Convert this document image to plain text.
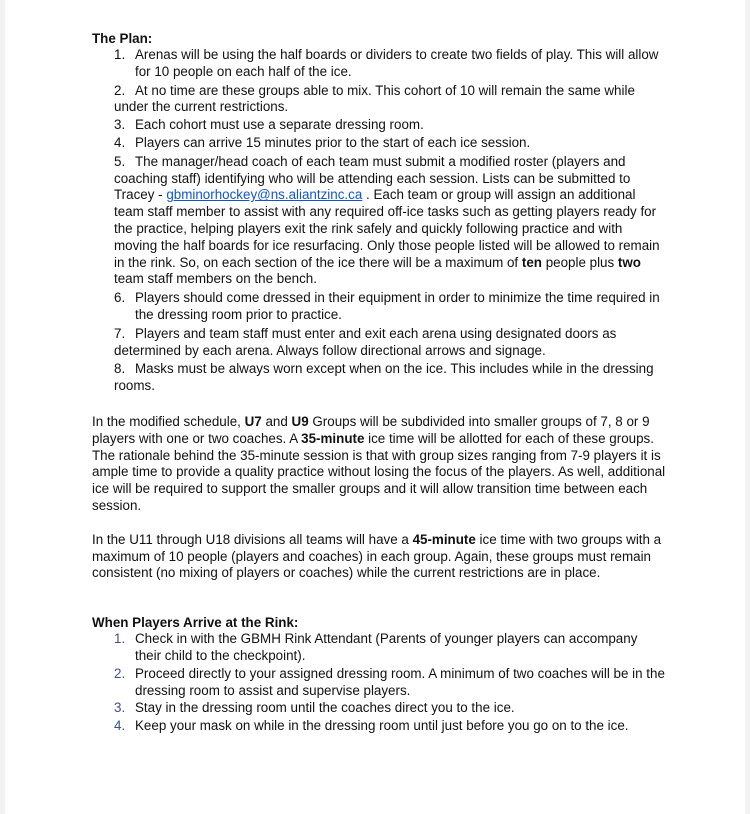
The Plan:
1. Arenas will be using the half boards or dividers to create two fields of play. This will allow for 10 people on each half of the ice.
2. At no time are these groups able to mix. This cohort of 10 will remain the same while under the current restrictions.
3. Each cohort must use a separate dressing room.
4. Players can arrive 15 minutes prior to the start of each ice session.
5. The manager/head coach of each team must submit a modified roster (players and coaching staff) identifying who will be attending each session. Lists can be submitted to Tracey - gbminorhockey@ns.aliantzinc.ca . Each team or group will assign an additional team staff member to assist with any required off-ice tasks such as getting players ready for the practice, helping players exit the rink safely and quickly following practice and with moving the half boards for ice resurfacing. Only those people listed will be allowed to remain in the rink. So, on each section of the ice there will be a maximum of ten people plus two team staff members on the bench.
6. Players should come dressed in their equipment in order to minimize the time required in the dressing room prior to practice.
7. Players and team staff must enter and exit each arena using designated doors as determined by each arena. Always follow directional arrows and signage.
8. Masks must be always worn except when on the ice. This includes while in the dressing rooms.

In the modified schedule, U7 and U9 Groups will be subdivided into smaller groups of 7, 8 or 9 players with one or two coaches. A 35-minute ice time will be allotted for each of these groups. The rationale behind the 35-minute session is that with group sizes ranging from 7-9 players it is ample time to provide a quality practice without losing the focus of the players. As well, additional ice will be required to support the smaller groups and it will allow transition time between each session.

In the U11 through U18 divisions all teams will have a 45-minute ice time with two groups with a maximum of 10 people (players and coaches) in each group. Again, these groups must remain consistent (no mixing of players or coaches) while the current restrictions are in place.

When Players Arrive at the Rink:
1. Check in with the GBMH Rink Attendant (Parents of younger players can accompany their child to the checkpoint).
2. Proceed directly to your assigned dressing room. A minimum of two coaches will be in the dressing room to assist and supervise players.
3. Stay in the dressing room until the coaches direct you to the ice.
4. Keep your mask on while in the dressing room until just before you go on to the ice.
